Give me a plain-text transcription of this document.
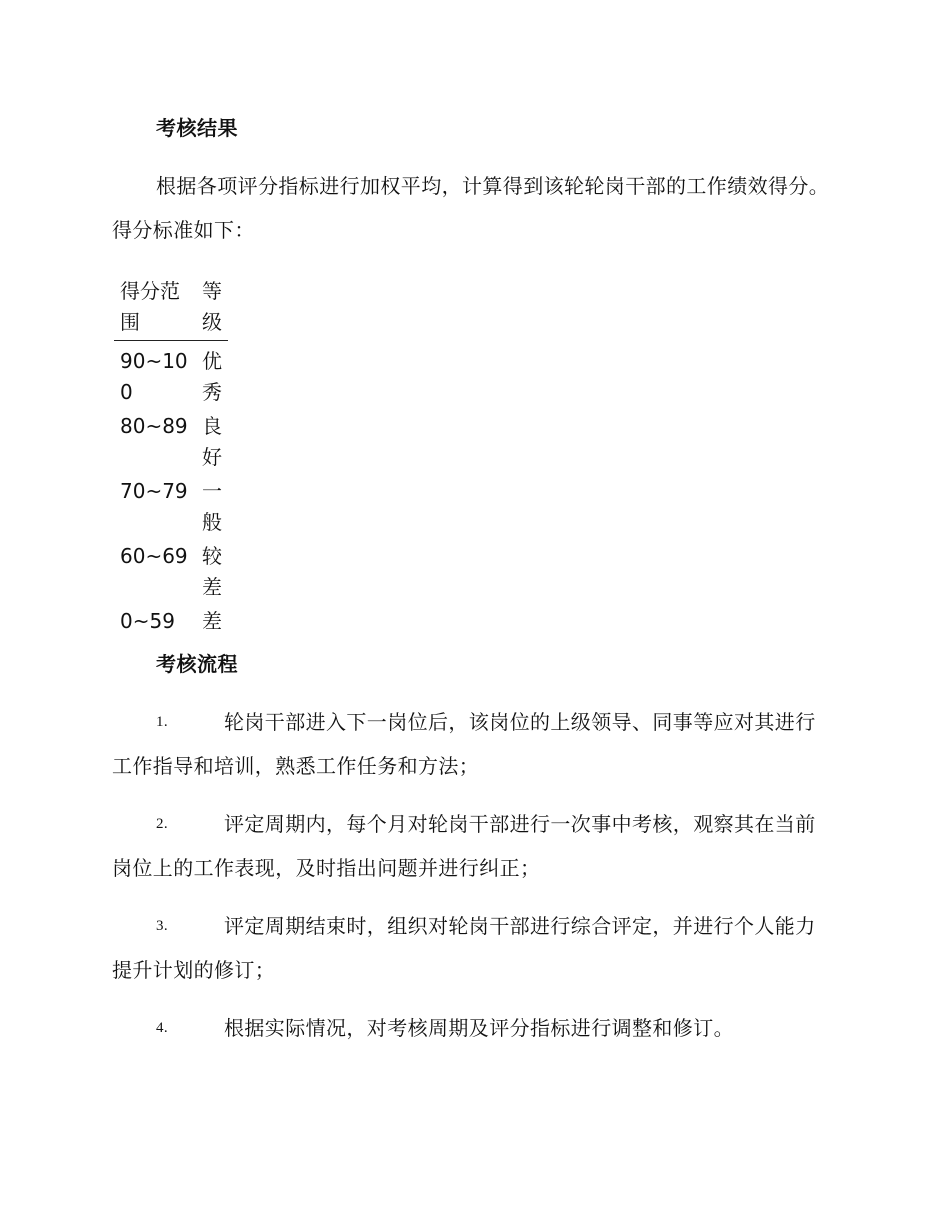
考核结果
根据各项评分指标进行加权平均，计算得到该轮轮岗干部的工作绩效得分。得分标准如下：
得分范围	等级
90~100	优秀
80~89	良好
70~79	一般
60~69	较差
0~59	差
考核流程
1.	轮岗干部进入下一岗位后，该岗位的上级领导、同事等应对其进行工作指导和培训，熟悉工作任务和方法；
2.	评定周期内，每个月对轮岗干部进行一次事中考核，观察其在当前岗位上的工作表现，及时指出问题并进行纠正；
3.	评定周期结束时，组织对轮岗干部进行综合评定，并进行个人能力提升计划的修订；
4.	根据实际情况，对考核周期及评分指标进行调整和修订。
